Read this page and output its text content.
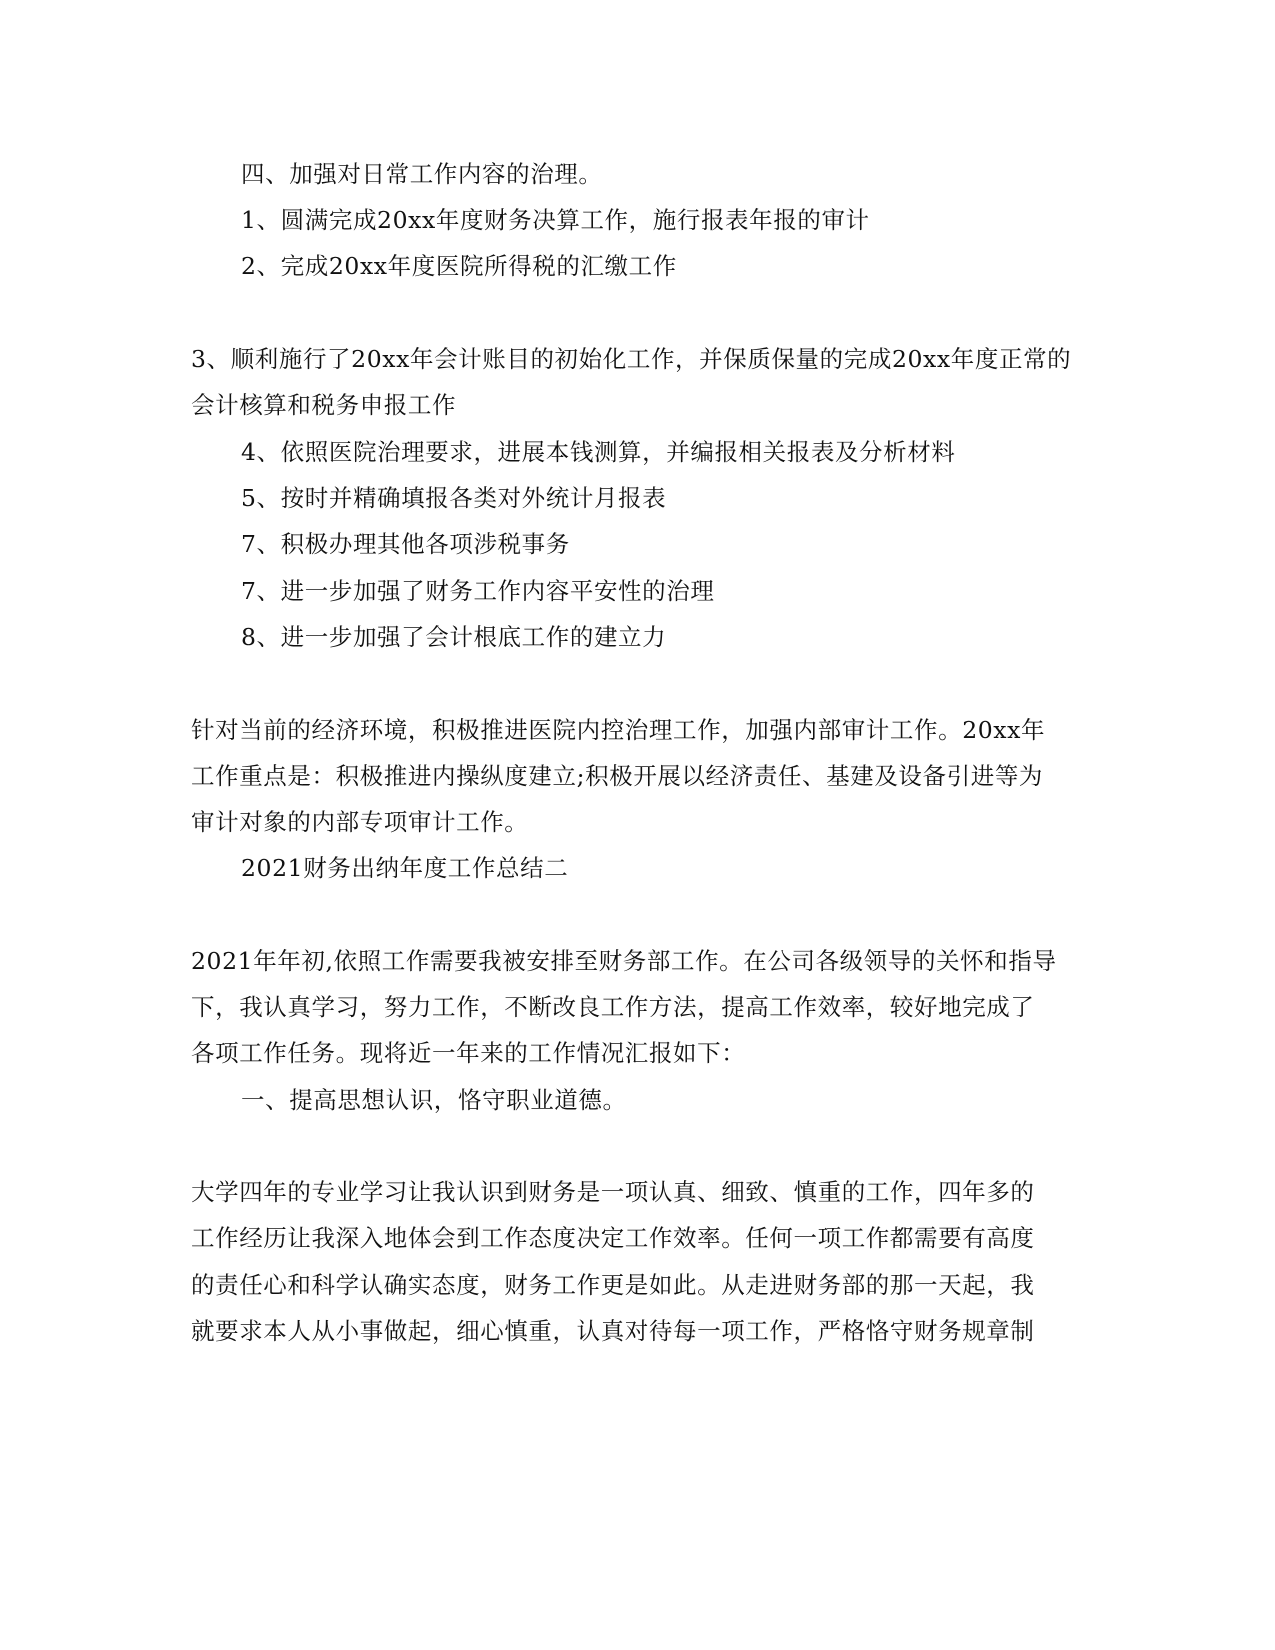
四、加强对日常工作内容的治理。
1、圆满完成20xx年度财务决算工作，施行报表年报的审计
2、完成20xx年度医院所得税的汇缴工作
3、顺利施行了20xx年会计账目的初始化工作，并保质保量的完成20xx年度正常的
会计核算和税务申报工作
4、依照医院治理要求，进展本钱测算，并编报相关报表及分析材料
5、按时并精确填报各类对外统计月报表
7、积极办理其他各项涉税事务
7、进一步加强了财务工作内容平安性的治理
8、进一步加强了会计根底工作的建立力
针对当前的经济环境，积极推进医院内控治理工作，加强内部审计工作。20xx年
工作重点是：积极推进内操纵度建立;积极开展以经济责任、基建及设备引进等为
审计对象的内部专项审计工作。
2021财务出纳年度工作总结二
2021年年初,依照工作需要我被安排至财务部工作。在公司各级领导的关怀和指导
下，我认真学习，努力工作，不断改良工作方法，提高工作效率，较好地完成了
各项工作任务。现将近一年来的工作情况汇报如下：
一、提高思想认识，恪守职业道德。
大学四年的专业学习让我认识到财务是一项认真、细致、慎重的工作，四年多的
工作经历让我深入地体会到工作态度决定工作效率。任何一项工作都需要有高度
的责任心和科学认确实态度，财务工作更是如此。从走进财务部的那一天起，我
就要求本人从小事做起，细心慎重，认真对待每一项工作，严格恪守财务规章制
